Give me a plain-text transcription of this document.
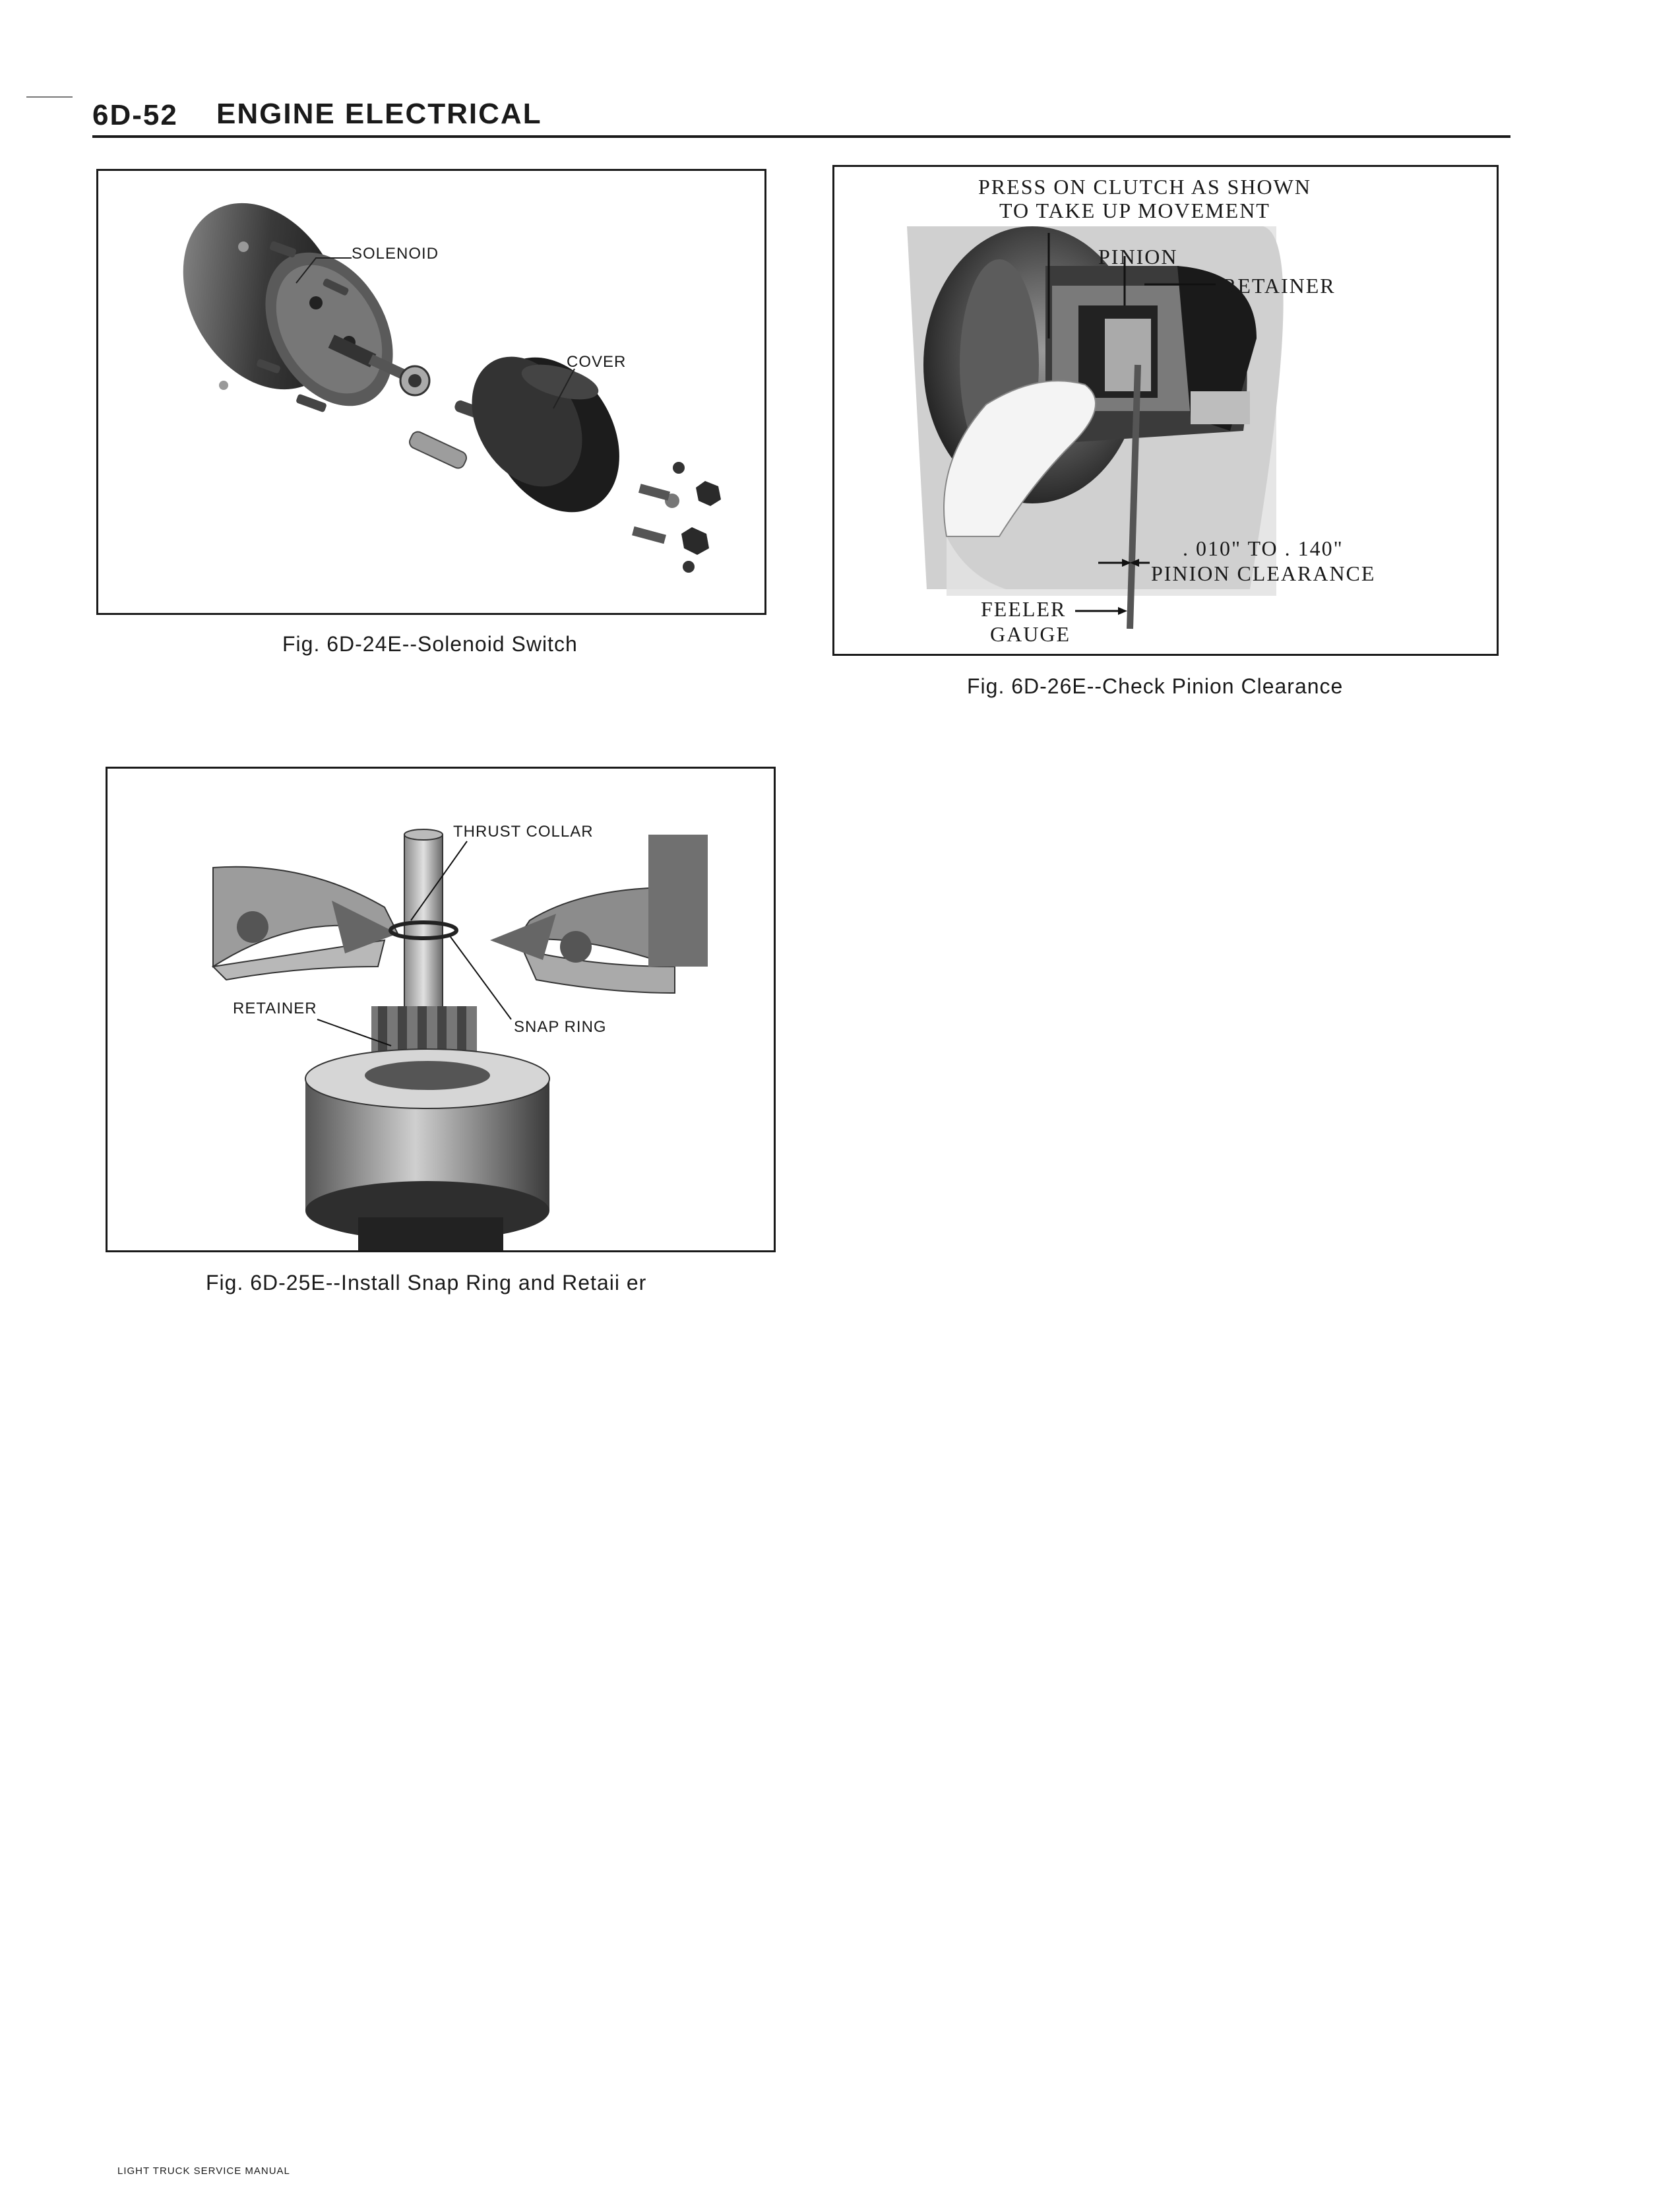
6D-52 ENGINE ELECTRICAL
SOLENOID
COVER
Fig. 6D-24E--Solenoid Switch
PRESS ON CLUTCH AS SHOWN
TO TAKE UP MOVEMENT
PINION
RETAINER
. 010" TO . 140"
PINION CLEARANCE
FEELER
GAUGE
Fig. 6D-26E--Check Pinion Clearance
THRUST COLLAR
RETAINER
SNAP RING
Fig. 6D-25E--Install Snap Ring and Retaii er
LIGHT TRUCK SERVICE MANUAL
